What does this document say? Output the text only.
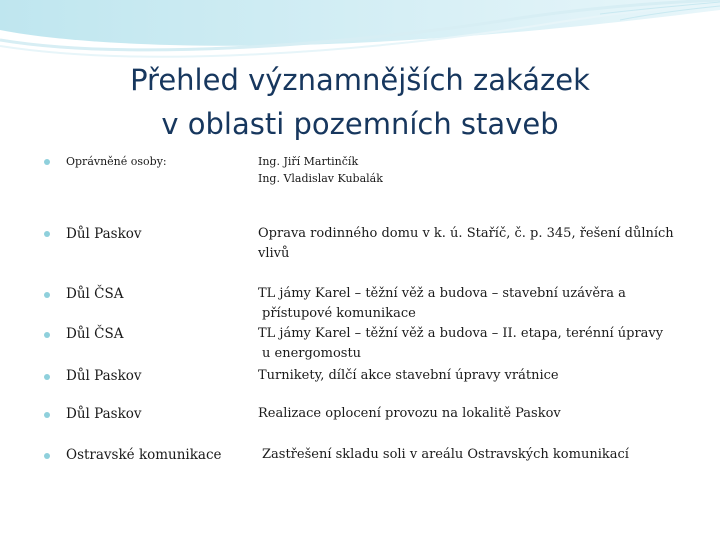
Přehled významnějších zakázek
v oblasti pozemních staveb
Oprávněné osoby:	Ing. Jiří Martinčík
Ing. Vladislav Kubalák
Důl Paskov	Oprava rodinného domu v k. ú. Staříč, č. p. 345, řešení důlních
vlivů
Důl ČSA	TL jámy Karel – těžní věž a budova – stavební uzávěra a
přístupové komunikace
Důl ČSA	TL jámy Karel – těžní věž a budova – II. etapa, terénní úpravy
u energomostu
Důl Paskov	Turnikety, dílčí akce stavební úpravy vrátnice
Důl Paskov	Realizace oplocení provozu na lokalitě Paskov
Ostravské komunikace	Zastřešení skladu soli v areálu Ostravských komunikací
